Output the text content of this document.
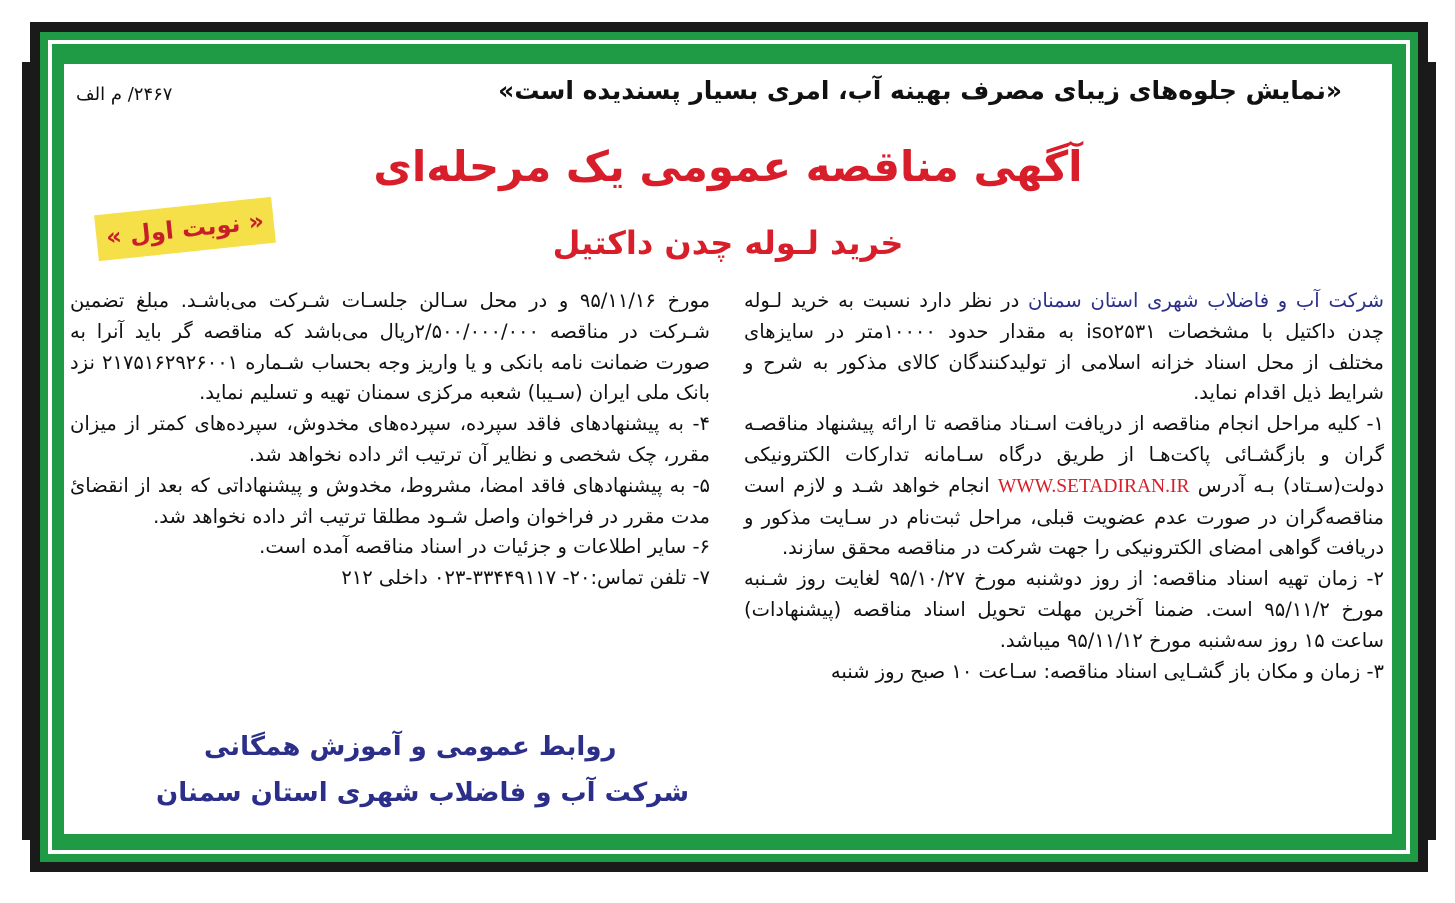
«نمایش جلوه‌های زیبای مصرف بهینه آب، امری بسیار پسندیده است»
۲۴۶۷/ م الف
آگهی مناقصه عمومی یک مرحله‌ای
خرید لـوله چدن داکتیل
« نوبت اول »

شرکت آب و فاضلاب شهری استان سمنان در نظر دارد نسبت به خرید لـوله چدن داکتیل با مشخصات iso۲۵۳۱ به مقدار حدود ۱۰۰۰۰متر در سایزهای مختلف از محل اسناد خزانه اسلامی از تولیدکنندگان کالای مذکور به شرح و شرایط ذیل اقدام نماید.

۱- کلیه مراحل انجام مناقصه از دریافت اسـناد مناقصه تا ارائه پیشنهاد مناقصـه گران و بازگشـائی پاکت‌هـا از طریق درگاه سـامانه تدارکات الکترونیکی دولت(سـتاد) بـه آدرس WWW.SETADIRAN.IR انجام خواهد شـد و لازم است مناقصه‌گران در صورت عدم عضویت قبلی، مراحل ثبت‌نام در سـایت مذکور و دریافت گواهی امضای الکترونیکی را جهت شرکت در مناقصه محقق سازند.

۲- زمان تهیه اسناد مناقصه: از روز دوشنبه مورخ ۹۵/۱۰/۲۷ لغایت روز شـنبه مورخ ۹۵/۱۱/۲ است. ضمنا آخرین مهلت تحویل اسناد مناقصه (پیشنهادات) ساعت ۱۵ روز سه‌شنبه مورخ ۹۵/۱۱/۱۲ میباشد.

۳- زمان و مکان باز گشـایی اسناد مناقصه: سـاعت ۱۰ صبح روز شنبه

مورخ ۹۵/۱۱/۱۶ و در محل سـالن جلسـات شـرکت می‌باشـد. مبلغ تضمین شـرکت در مناقصه ۲/۵۰۰/۰۰۰/۰۰۰ریال می‌باشد که مناقصه گر باید آنرا به صورت ضمانت نامه بانکی و یا واریز وجه بحساب شـماره ۲۱۷۵۱۶۲۹۲۶۰۰۱ نزد بانک ملی ایران (سـیبا) شعبه مرکزی سمنان تهیه و تسلیم نماید.

۴- به پیشنهادهای فاقد سپرده، سپرده‌های مخدوش، سپرده‌های کمتر از میزان مقرر، چک شخصی و نظایر آن ترتیب اثر داده نخواهد شد.

۵- به پیشنهادهای فاقد امضا، مشروط، مخدوش و پیشنهاداتی که بعد از انقضائ مدت مقرر در فراخوان واصل شـود مطلقا ترتیب اثر داده نخواهد شد.

۶- سایر اطلاعات و جزئیات در اسناد مناقصه آمده است.

۷- تلفن تماس:۲۰- ۳۳۴۴۹۱۱۷-۰۲۳ داخلی ۲۱۲

روابط عمومی و آموزش همگانی
شرکت آب و فاضلاب شهری استان سمنان
